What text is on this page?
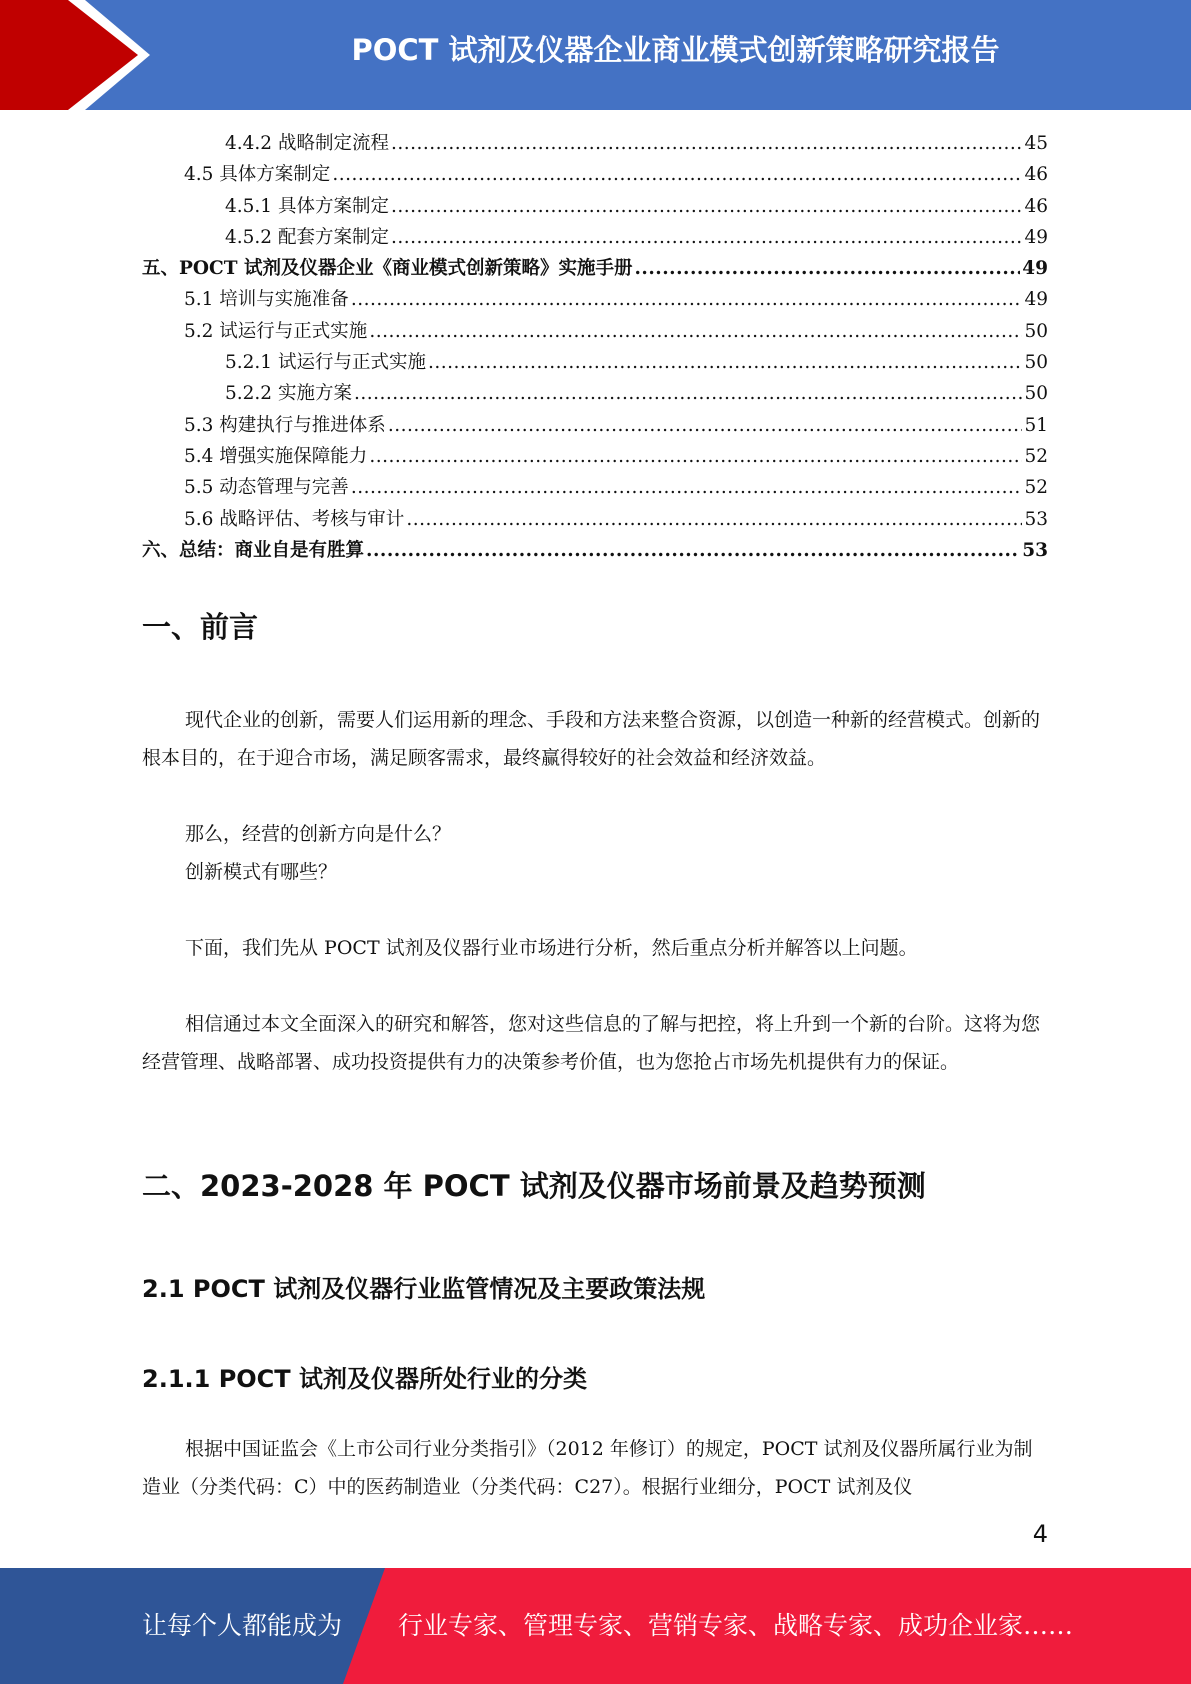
POCT 试剂及仪器企业商业模式创新策略研究报告
4.4.2 战略制定流程 .....	45
4.5 具体方案制定 .....	46
4.5.1 具体方案制定 .....	46
4.5.2 配套方案制定 .....	49
五、POCT 试剂及仪器企业《商业模式创新策略》实施手册 .....	49
5.1 培训与实施准备 .....	49
5.2 试运行与正式实施 .....	50
5.2.1 试运行与正式实施 .....	50
5.2.2 实施方案 .....	50
5.3 构建执行与推进体系 .....	51
5.4 增强实施保障能力 .....	52
5.5 动态管理与完善 .....	52
5.6 战略评估、考核与审计 .....	53
六、总结：商业自是有胜算 .....	53
一、前言
现代企业的创新，需要人们运用新的理念、手段和方法来整合资源，以创造一种新的经营模式。创新的根本目的，在于迎合市场，满足顾客需求，最终赢得较好的社会效益和经济效益。
那么，经营的创新方向是什么？
创新模式有哪些？
下面，我们先从 POCT 试剂及仪器行业市场进行分析，然后重点分析并解答以上问题。
相信通过本文全面深入的研究和解答，您对这些信息的了解与把控，将上升到一个新的台阶。这将为您经营管理、战略部署、成功投资提供有力的决策参考价值，也为您抢占市场先机提供有力的保证。
二、2023-2028 年 POCT 试剂及仪器市场前景及趋势预测
2.1 POCT 试剂及仪器行业监管情况及主要政策法规
2.1.1 POCT 试剂及仪器所处行业的分类
根据中国证监会《上市公司行业分类指引》（2012 年修订）的规定，POCT 试剂及仪器所属行业为制造业（分类代码：C）中的医药制造业（分类代码：C27）。根据行业细分，POCT 试剂及仪
4
让每个人都能成为 行业专家、管理专家、营销专家、战略专家、成功企业家……
